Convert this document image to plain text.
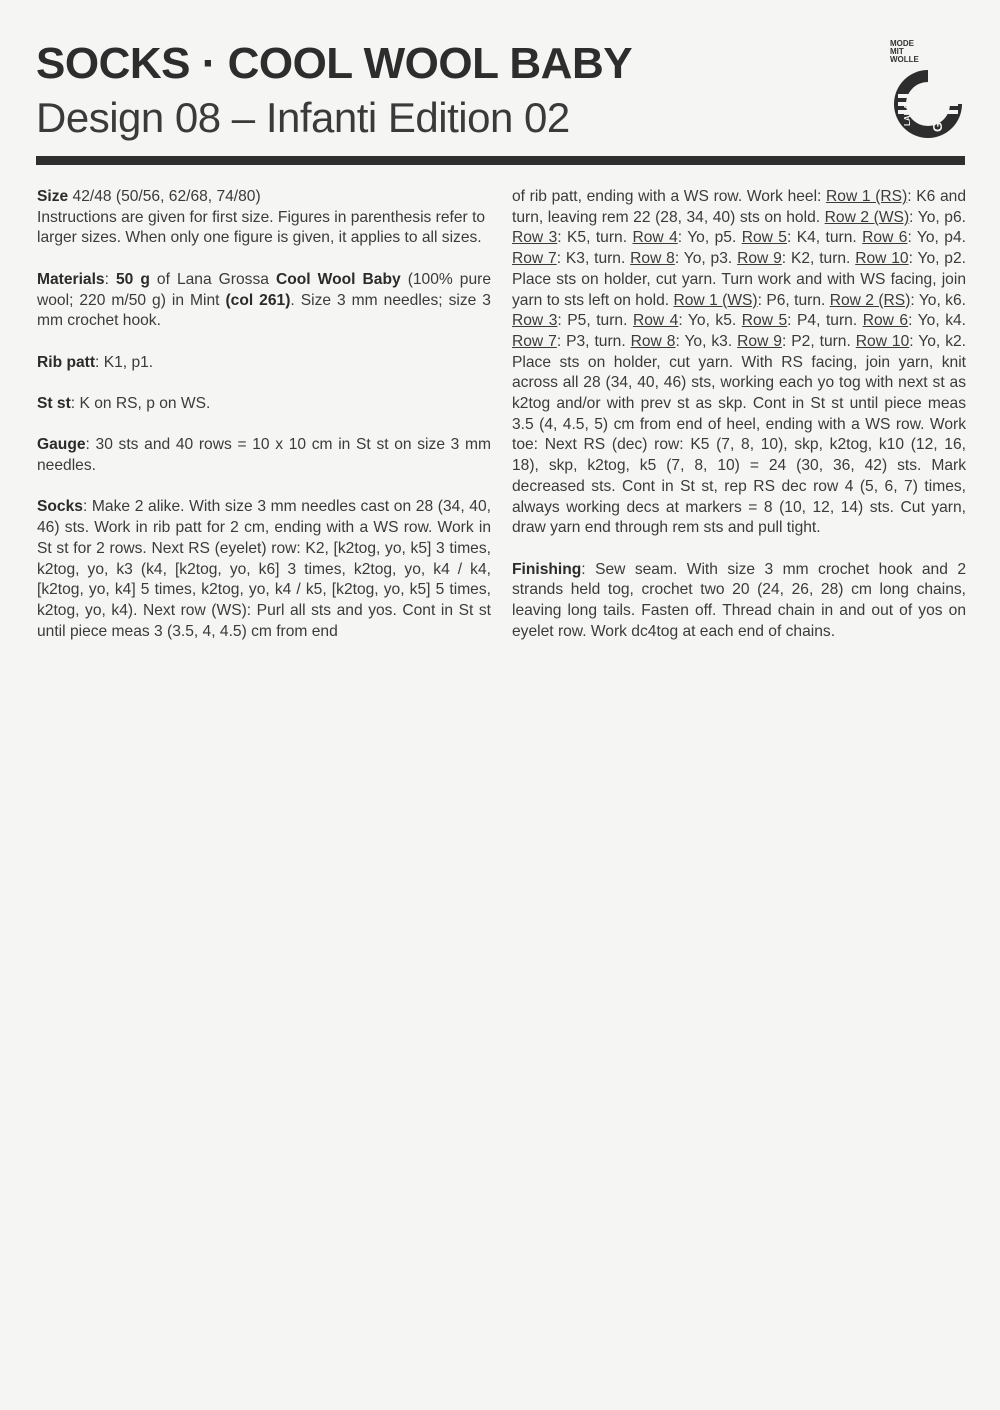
SOCKS · COOL WOOL BABY
Design 08 – Infanti Edition 02
MODE
MIT
WOLLE
LANA GROSSA

Size 42/48 (50/56, 62/68, 74/80)
Instructions are given for first size. Figures in parenthesis refer to larger sizes. When only one figure is given, it applies to all sizes.

Materials: 50 g of Lana Grossa Cool Wool Baby (100% pure wool; 220 m/50 g) in Mint (col 261). Size 3 mm needles; size 3 mm crochet hook.

Rib patt: K1, p1.

St st: K on RS, p on WS.

Gauge: 30 sts and 40 rows = 10 x 10 cm in St st on size 3 mm needles.

Socks: Make 2 alike. With size 3 mm needles cast on 28 (34, 40, 46) sts. Work in rib patt for 2 cm, ending with a WS row. Work in St st for 2 rows. Next RS (eyelet) row: K2, [k2tog, yo, k5] 3 times, k2tog, yo, k3 (k4, [k2tog, yo, k6] 3 times, k2tog, yo, k4 / k4, [k2tog, yo, k4] 5 times, k2tog, yo, k4 / k5, [k2tog, yo, k5] 5 times, k2tog, yo, k4). Next row (WS): Purl all sts and yos. Cont in St st until piece meas 3 (3.5, 4, 4.5) cm from end

of rib patt, ending with a WS row. Work heel: Row 1 (RS): K6 and turn, leaving rem 22 (28, 34, 40) sts on hold. Row 2 (WS): Yo, p6. Row 3: K5, turn. Row 4: Yo, p5. Row 5: K4, turn. Row 6: Yo, p4. Row 7: K3, turn. Row 8: Yo, p3. Row 9: K2, turn. Row 10: Yo, p2. Place sts on holder, cut yarn. Turn work and with WS facing, join yarn to sts left on hold. Row 1 (WS): P6, turn. Row 2 (RS): Yo, k6. Row 3: P5, turn. Row 4: Yo, k5. Row 5: P4, turn. Row 6: Yo, k4. Row 7: P3, turn. Row 8: Yo, k3. Row 9: P2, turn. Row 10: Yo, k2. Place sts on holder, cut yarn. With RS facing, join yarn, knit across all 28 (34, 40, 46) sts, working each yo tog with next st as k2tog and/or with prev st as skp. Cont in St st until piece meas 3.5 (4, 4.5, 5) cm from end of heel, ending with a WS row. Work toe: Next RS (dec) row: K5 (7, 8, 10), skp, k2tog, k10 (12, 16, 18), skp, k2tog, k5 (7, 8, 10) = 24 (30, 36, 42) sts. Mark decreased sts. Cont in St st, rep RS dec row 4 (5, 6, 7) times, always working decs at markers = 8 (10, 12, 14) sts. Cut yarn, draw yarn end through rem sts and pull tight.

Finishing: Sew seam. With size 3 mm crochet hook and 2 strands held tog, crochet two 20 (24, 26, 28) cm long chains, leaving long tails. Fasten off. Thread chain in and out of yos on eyelet row. Work dc4tog at each end of chains.
